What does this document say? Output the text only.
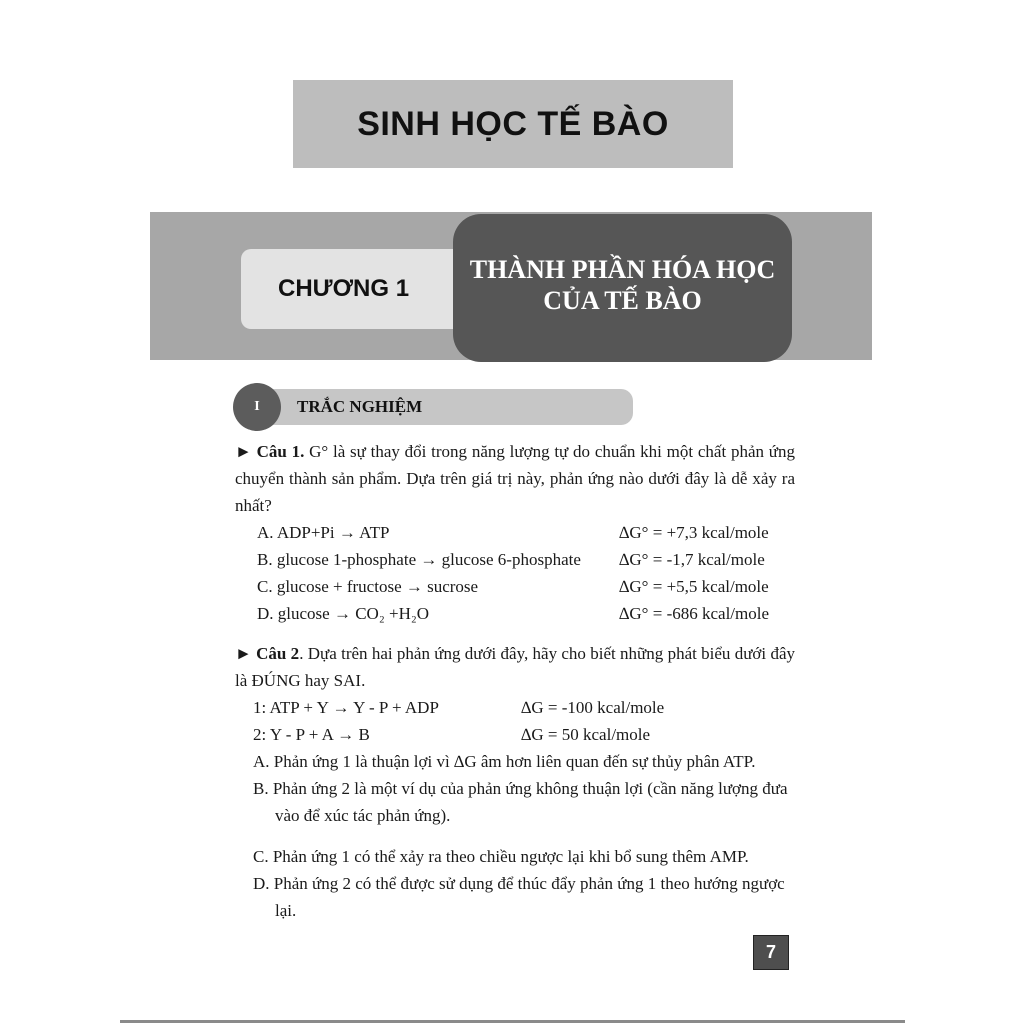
SINH HỌC TẾ BÀO
CHƯƠNG 1
THÀNH PHẦN HÓA HỌC
CỦA TẾ BÀO
I	TRẮC NGHIỆM

► Câu 1. G° là sự thay đổi trong năng lượng tự do chuẩn khi một chất phản ứng chuyển thành sản phẩm. Dựa trên giá trị này, phản ứng nào dưới đây là dễ xảy ra nhất?

A. ADP+Pi → ATP	∆G° = +7,3 kcal/mole
B. glucose 1-phosphate → glucose 6-phosphate	∆G° = -1,7 kcal/mole
C. glucose + fructose → sucrose	∆G° = +5,5 kcal/mole
D. glucose → CO₂ +H₂O	∆G° = -686 kcal/mole

► Câu 2. Dựa trên hai phản ứng dưới đây, hãy cho biết những phát biểu dưới đây là ĐÚNG hay SAI.

1: ATP + Y → Y - P + ADP	∆G = -100 kcal/mole
2: Y - P + A → B	∆G = 50 kcal/mole
A. Phản ứng 1 là thuận lợi vì ∆G âm hơn liên quan đến sự thủy phân ATP.
B. Phản ứng 2 là một ví dụ của phản ứng không thuận lợi (cần năng lượng đưa vào để xúc tác phản ứng).
C. Phản ứng 1 có thể xảy ra theo chiều ngược lại khi bổ sung thêm AMP.
D. Phản ứng 2 có thể được sử dụng để thúc đẩy phản ứng 1 theo hướng ngược lại.
7
